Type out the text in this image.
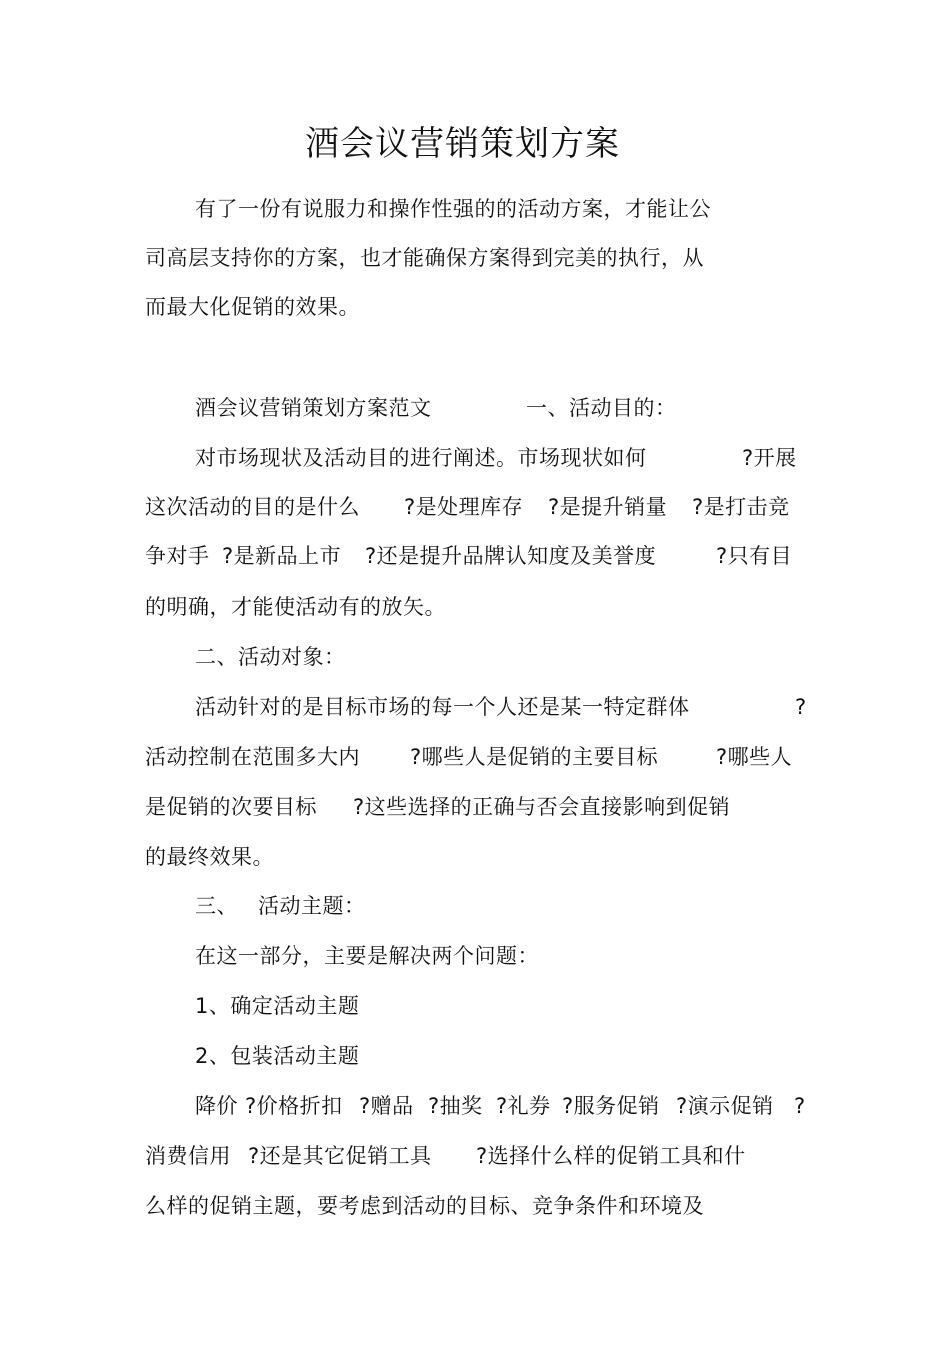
酒会议营销策划方案
有了一份有说服力和操作性强的的活动方案，才能让公
司高层支持你的方案，也才能确保方案得到完美的执行，从
而最大化促销的效果。
酒会议营销策划方案范文	一、活动目的：
对市场现状及活动目的进行阐述。市场现状如何	?开展
这次活动的目的是什么 ?是处理库存 ?是提升销量 ?是打击竞
争对手 ?是新品上市 ?还是提升品牌认知度及美誉度	?只有目
的明确，才能使活动有的放矢。
二、活动对象：
活动针对的是目标市场的每一个人还是某一特定群体	?
活动控制在范围多大内 ?哪些人是促销的主要目标	?哪些人
是促销的次要目标 ?这些选择的正确与否会直接影响到促销
的最终效果。
三、 活动主题：
在这一部分，主要是解决两个问题：
1、确定活动主题
2、包装活动主题
降价 ?价格折扣 ?赠品 ?抽奖 ?礼券 ?服务促销 ?演示促销 ?
消费信用 ?还是其它促销工具 ?选择什么样的促销工具和什
么样的促销主题，要考虑到活动的目标、竞争条件和环境及
